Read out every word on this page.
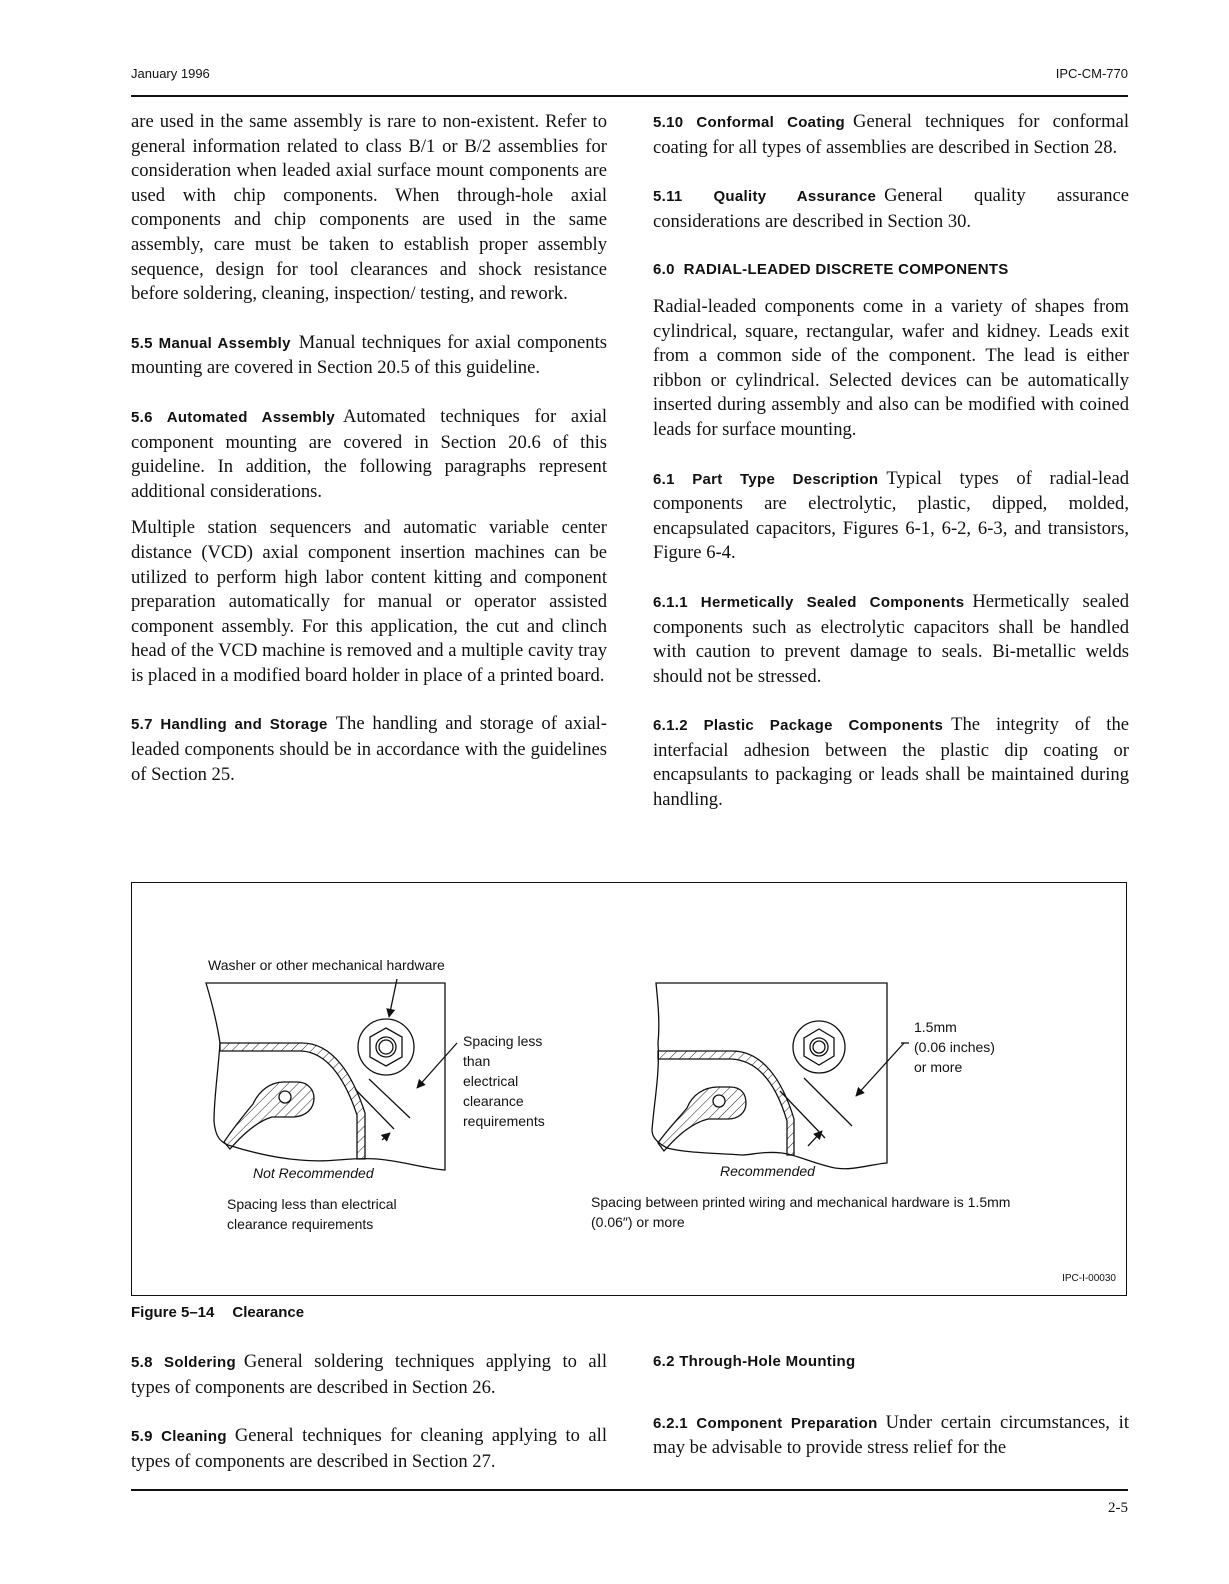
January 1996	IPC-CM-770

are used in the same assembly is rare to non-existent. Refer to general information related to class B/1 or B/2 assemblies for consideration when leaded axial surface mount components are used with chip components. When through-hole axial components and chip components are used in the same assembly, care must be taken to establish proper assembly sequence, design for tool clearances and shock resistance before soldering, cleaning, inspection/ testing, and rework.

5.5 Manual Assembly Manual techniques for axial components mounting are covered in Section 20.5 of this guideline.

5.6 Automated Assembly Automated techniques for axial component mounting are covered in Section 20.6 of this guideline. In addition, the following paragraphs represent additional considerations.

Multiple station sequencers and automatic variable center distance (VCD) axial component insertion machines can be utilized to perform high labor content kitting and component preparation automatically for manual or operator assisted component assembly. For this application, the cut and clinch head of the VCD machine is removed and a multiple cavity tray is placed in a modified board holder in place of a printed board.

5.7 Handling and Storage The handling and storage of axial-leaded components should be in accordance with the guidelines of Section 25.

5.10 Conformal Coating General techniques for conformal coating for all types of assemblies are described in Section 28.

5.11 Quality Assurance General quality assurance considerations are described in Section 30.

6.0  RADIAL-LEADED DISCRETE COMPONENTS

Radial-leaded components come in a variety of shapes from cylindrical, square, rectangular, wafer and kidney. Leads exit from a common side of the component. The lead is either ribbon or cylindrical. Selected devices can be automatically inserted during assembly and also can be modified with coined leads for surface mounting.

6.1 Part Type Description Typical types of radial-lead components are electrolytic, plastic, dipped, molded, encapsulated capacitors, Figures 6-1, 6-2, 6-3, and transistors, Figure 6-4.

6.1.1 Hermetically Sealed Components Hermetically sealed components such as electrolytic capacitors shall be handled with caution to prevent damage to seals. Bi-metallic welds should not be stressed.

6.1.2 Plastic Package Components The integrity of the interfacial adhesion between the plastic dip coating or encapsulants to packaging or leads shall be maintained during handling.

Washer or other mechanical hardware
Spacing less
than
electrical
clearance
requirements
1.5mm
(0.06 inches)
or more
Not Recommended	Recommended
Spacing less than electrical
clearance requirements
Spacing between printed wiring and mechanical hardware is 1.5mm
(0.06″) or more
IPC-I-00030
Figure 5–14 Clearance

5.8 Soldering General soldering techniques applying to all types of components are described in Section 26.

5.9 Cleaning General techniques for cleaning applying to all types of components are described in Section 27.

6.2 Through-Hole Mounting

6.2.1 Component Preparation Under certain circumstances, it may be advisable to provide stress relief for the

2-5
